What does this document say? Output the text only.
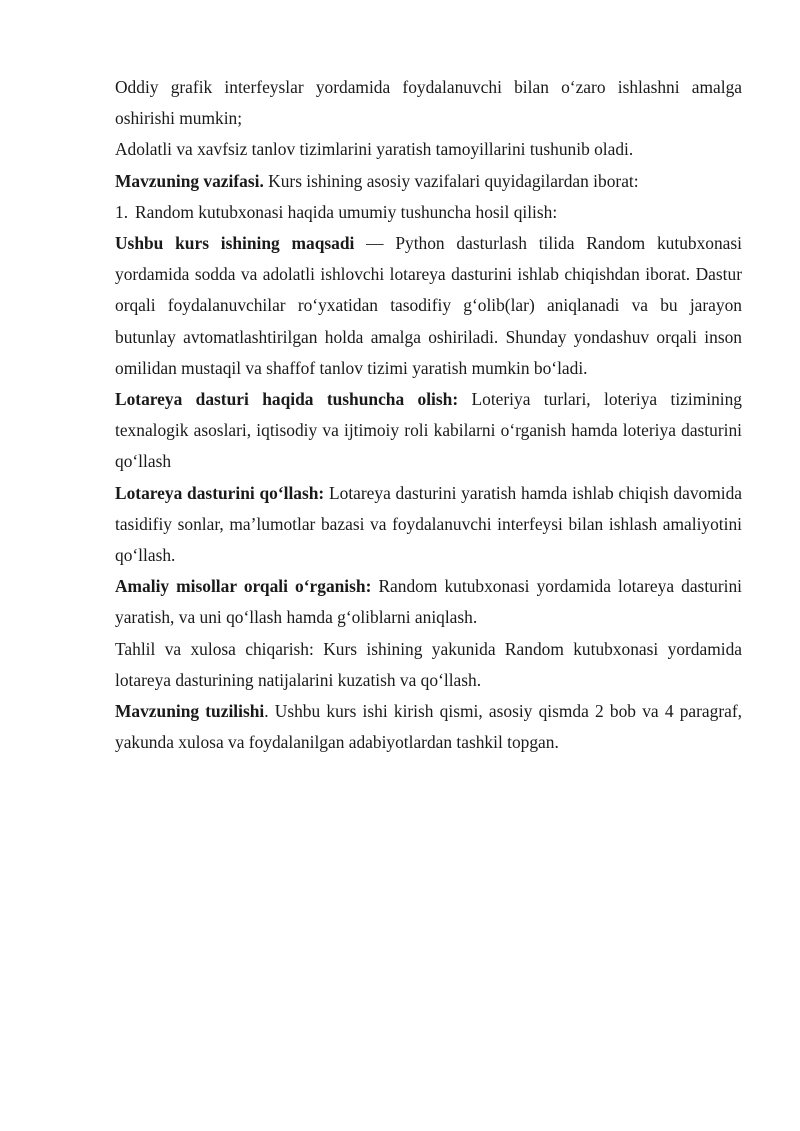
Oddiy grafik interfeyslar yordamida foydalanuvchi bilan o‘zaro ishlashni amalga oshirishi mumkin;

Adolatli va xavfsiz tanlov tizimlarini yaratish tamoyillarini tushunib oladi.

Mavzuning vazifasi. Kurs ishining asosiy vazifalari quyidagilardan iborat:

1. Random kutubxonasi haqida umumiy tushuncha hosil qilish:

Ushbu kurs ishining maqsadi — Python dasturlash tilida Random kutubxonasi yordamida sodda va adolatli ishlovchi lotareya dasturini ishlab chiqishdan iborat. Dastur orqali foydalanuvchilar ro‘yxatidan tasodifiy g‘olib(lar) aniqlanadi va bu jarayon butunlay avtomatlashtirilgan holda amalga oshiriladi. Shunday yondashuv orqali inson omilidan mustaqil va shaffof tanlov tizimi yaratish mumkin bo‘ladi.

Lotareya dasturi haqida tushuncha olish: Loteriya turlari, loteriya tizimining texnalogik asoslari, iqtisodiy va ijtimoiy roli kabilarni o‘rganish hamda loteriya dasturini qo‘llash

Lotareya dasturini qo‘llash: Lotareya dasturini yaratish hamda ishlab chiqish davomida tasidifiy sonlar, ma’lumotlar bazasi va foydalanuvchi interfeysi bilan ishlash amaliyotini qo‘llash.

Amaliy misollar orqali o‘rganish: Random kutubxonasi yordamida lotareya dasturini yaratish, va uni qo‘llash hamda g‘oliblarni aniqlash.

Tahlil va xulosa chiqarish: Kurs ishining yakunida Random kutubxonasi yordamida lotareya dasturining natijalarini kuzatish va qo‘llash.

Mavzuning tuzilishi. Ushbu kurs ishi kirish qismi, asosiy qismda 2 bob va 4 paragraf, yakunda xulosa va foydalanilgan adabiyotlardan tashkil topgan.
